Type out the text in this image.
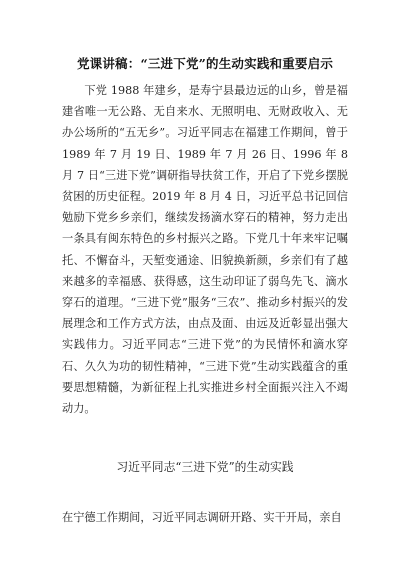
党课讲稿：“三进下党”的生动实践和重要启示

下党 1988 年建乡，是寿宁县最边远的山乡，曾是福建省唯一无公路、无自来水、无照明电、无财政收入、无办公场所的“五无乡”。习近平同志在福建工作期间，曾于 1989 年 7 月 19 日、1989 年 7 月 26 日、1996 年 8 月 7 日“三进下党”调研指导扶贫工作，开启了下党乡摆脱贫困的历史征程。2019 年 8 月 4 日，习近平总书记回信勉励下党乡乡亲们，继续发扬滴水穿石的精神，努力走出一条具有闽东特色的乡村振兴之路。下党几十年来牢记嘱托、不懈奋斗，天堑变通途、旧貌换新颜，乡亲们有了越来越多的幸福感、获得感，这生动印证了弱鸟先飞、滴水穿石的道理。“三进下党”服务“三农”、推动乡村振兴的发展理念和工作方式方法，由点及面、由远及近彰显出强大实践伟力。习近平同志“三进下党”的为民情怀和滴水穿石、久久为功的韧性精神，“三进下党”生动实践蕴含的重要思想精髓，为新征程上扎实推进乡村全面振兴注入不竭动力。

习近平同志“三进下党”的生动实践

在宁德工作期间，习近平同志调研开路、实干开局，亲自
